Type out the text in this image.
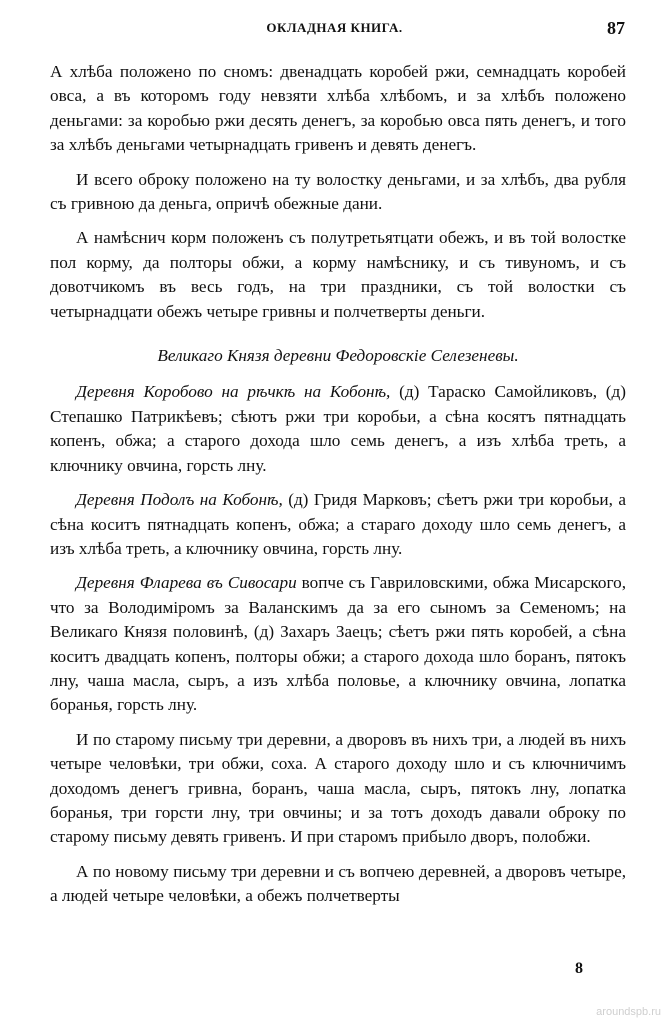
ОКЛАДНАЯ КНИГА.	87

А хлѣба положено по сномъ: двенадцать коробей ржи, семнадцать коробей овса, а въ которомъ году невзяти хлѣба хлѣбомъ, и за хлѣбъ положено деньгами: за коробью ржи десять денегъ, за коробью овса пять денегъ, и того за хлѣбъ деньгами четырнадцать гривенъ и девять денегъ.

И всего оброку положено на ту волостку деньгами, и за хлѣбъ, два рубля съ гривною да деньга, опричѣ обежные дани.

А намѣснич корм положенъ съ полутретьятцати обежъ, и въ той волостке пол корму, да полторы обжи, а корму намѣснику, и съ тивуномъ, и съ довотчикомъ въ весь годъ, на три праздники, съ той волостки съ четырнадцати обежъ четыре гривны и полчетверты деньги.

Великаго Князя деревни Федоровскiе Селезеневы.

Деревня Коробово на рѣчкѣ на Кобонѣ, (д) Тараско Самойликовъ, (д) Степашко Патрикѣевъ; сѣютъ ржи три коробьи, а сѣна косятъ пятнадцать копенъ, обжа; а старого дохода шло семь денегъ, а изъ хлѣба треть, а ключнику овчина, горсть лну.

Деревня Подолъ на Кобонѣ, (д) Гридя Марковъ; сѣетъ ржи три коробьи, а сѣна коситъ пятнадцать копенъ, обжа; а стараго доходу шло семь денегъ, а изъ хлѣба треть, а ключнику овчина, горсть лну.

Деревня Фларева въ Сивосари вопче съ Гавриловскими, обжа Мисарского, что за Володимiромъ за Валанскимъ да за его сыномъ за Семеномъ; на Великаго Князя половинѣ, (д) Захаръ Заецъ; сѣетъ ржи пять коробей, а сѣна коситъ двадцать копенъ, полторы обжи; а старого дохода шло боранъ, пятокъ лну, чаша масла, сыръ, а изъ хлѣба половье, а ключнику овчина, лопатка боранья, горсть лну.

И по старому письму три деревни, а дворовъ въ нихъ три, а людей въ нихъ четыре человѣки, три обжи, соха. А старого доходу шло и съ ключничимъ доходомъ денегъ гривна, боранъ, чаша масла, сыръ, пятокъ лну, лопатка боранья, три горсти лну, три овчины; и за тотъ доходъ давали оброку по старому письму девять гривенъ. И при старомъ прибыло дворъ, полобжи.

А по новому письму три деревни и съ вопчею деревней, а дворовъ четыре, а людей четыре человѣки, а обежъ полчетверты

8
aroundspb.ru
